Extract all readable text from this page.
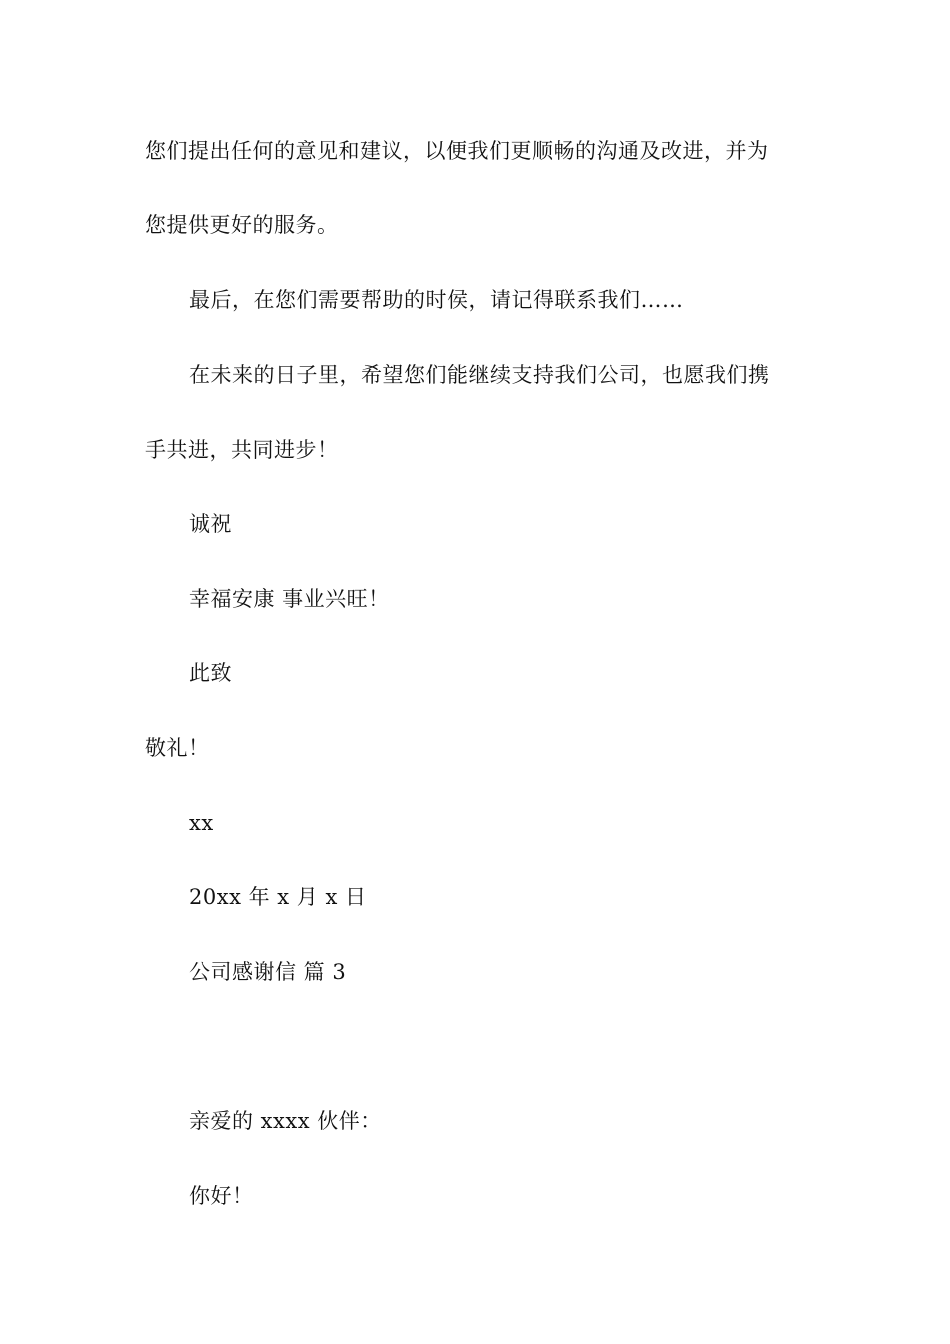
您们提出任何的意见和建议，以便我们更顺畅的沟通及改进，并为
您提供更好的服务。
最后，在您们需要帮助的时侯，请记得联系我们……
在未来的日子里，希望您们能继续支持我们公司，也愿我们携
手共进，共同进步！
诚祝
幸福安康 事业兴旺！
此致
敬礼！
xx
20xx 年 x 月 x 日
公司感谢信 篇 3
亲爱的 xxxx 伙伴：
你好！
